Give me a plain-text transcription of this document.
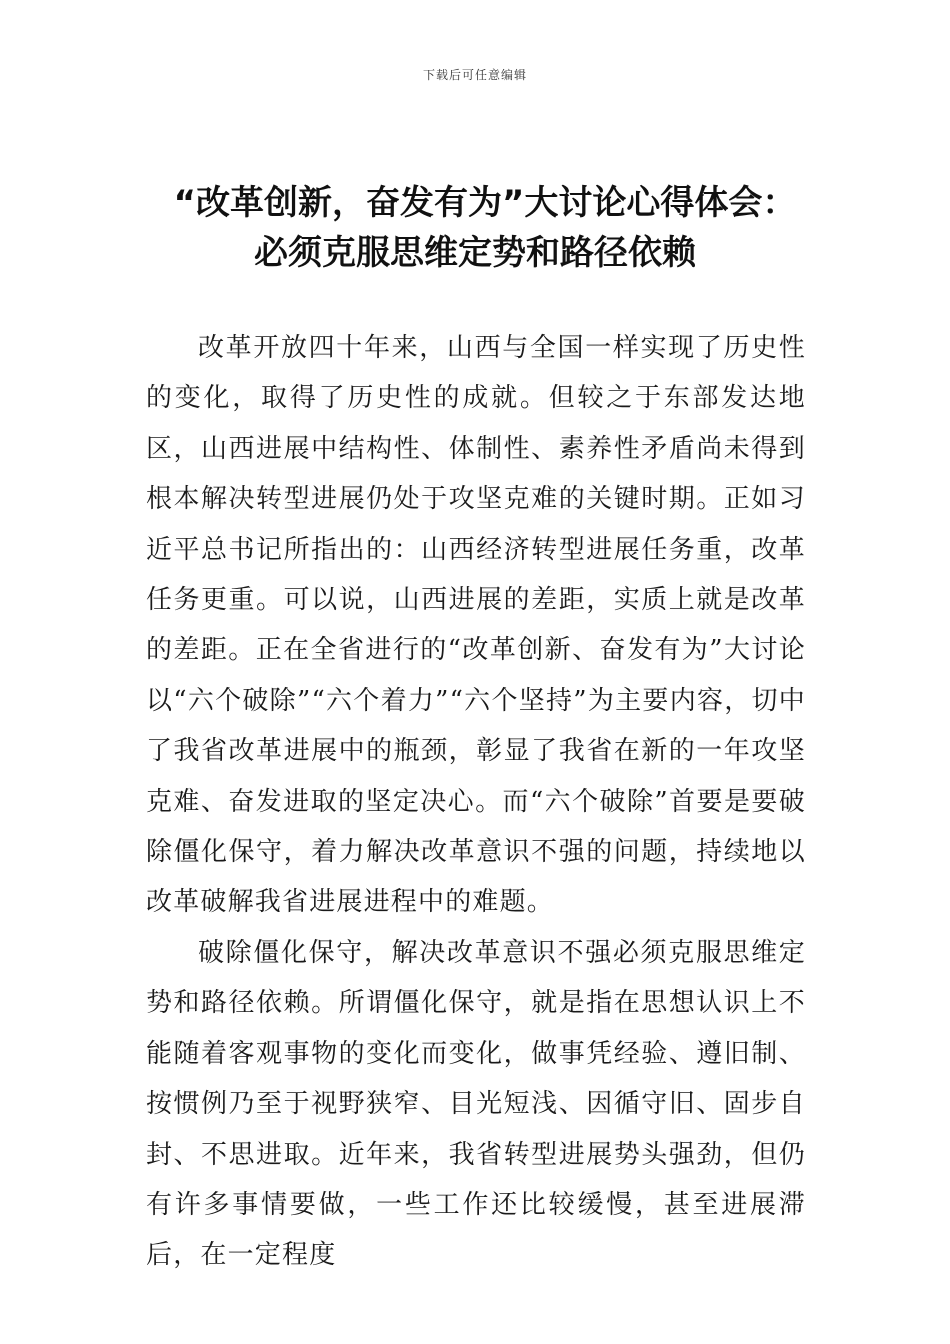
下载后可任意编辑
“改革创新，奋发有为”大讨论心得体会：
必须克服思维定势和路径依赖

改革开放四十年来，山西与全国一样实现了历史性的变化，取得了历史性的成就。但较之于东部发达地区，山西进展中结构性、体制性、素养性矛盾尚未得到根本解决转型进展仍处于攻坚克难的关键时期。正如习近平总书记所指出的：山西经济转型进展任务重，改革任务更重。可以说，山西进展的差距，实质上就是改革的差距。正在全省进行的“改革创新、奋发有为”大讨论以“六个破除”“六个着力”“六个坚持”为主要内容，切中了我省改革进展中的瓶颈，彰显了我省在新的一年攻坚克难、奋发进取的坚定决心。而“六个破除”首要是要破除僵化保守，着力解决改革意识不强的问题，持续地以改革破解我省进展进程中的难题。

破除僵化保守，解决改革意识不强必须克服思维定势和路径依赖。所谓僵化保守，就是指在思想认识上不能随着客观事物的变化而变化，做事凭经验、遵旧制、按惯例乃至于视野狭窄、目光短浅、因循守旧、固步自封、不思进取。近年来，我省转型进展势头强劲，但仍有许多事情要做，一些工作还比较缓慢，甚至进展滞后，在一定程度
